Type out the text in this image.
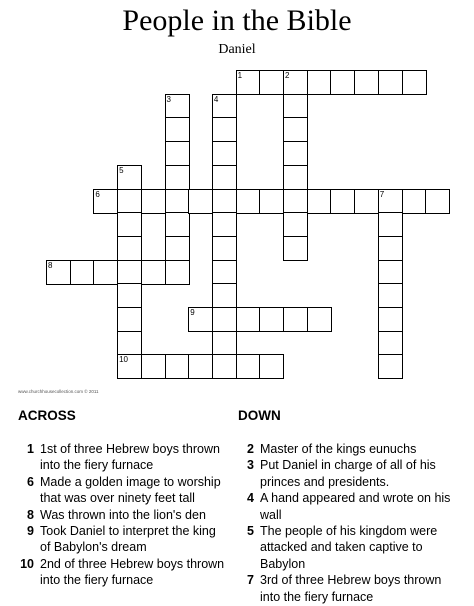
People in the Bible
Daniel
1	2
3	4
5
6	7
8
9
10
www.churchhousecollection.com © 2011
ACROSS	DOWN
1 1st of three Hebrew boys thrown into the fiery furnace
6 Made a golden image to worship that was over ninety feet tall
8 Was thrown into the lion's den
9 Took Daniel to interpret the king of Babylon's dream
10 2nd of three Hebrew boys thrown into the fiery furnace
2 Master of the kings eunuchs
3 Put Daniel in charge of all of his princes and presidents.
4 A hand appeared and wrote on his wall
5 The people of his kingdom were attacked and taken captive to Babylon
7 3rd of three Hebrew boys thrown into the fiery furnace
